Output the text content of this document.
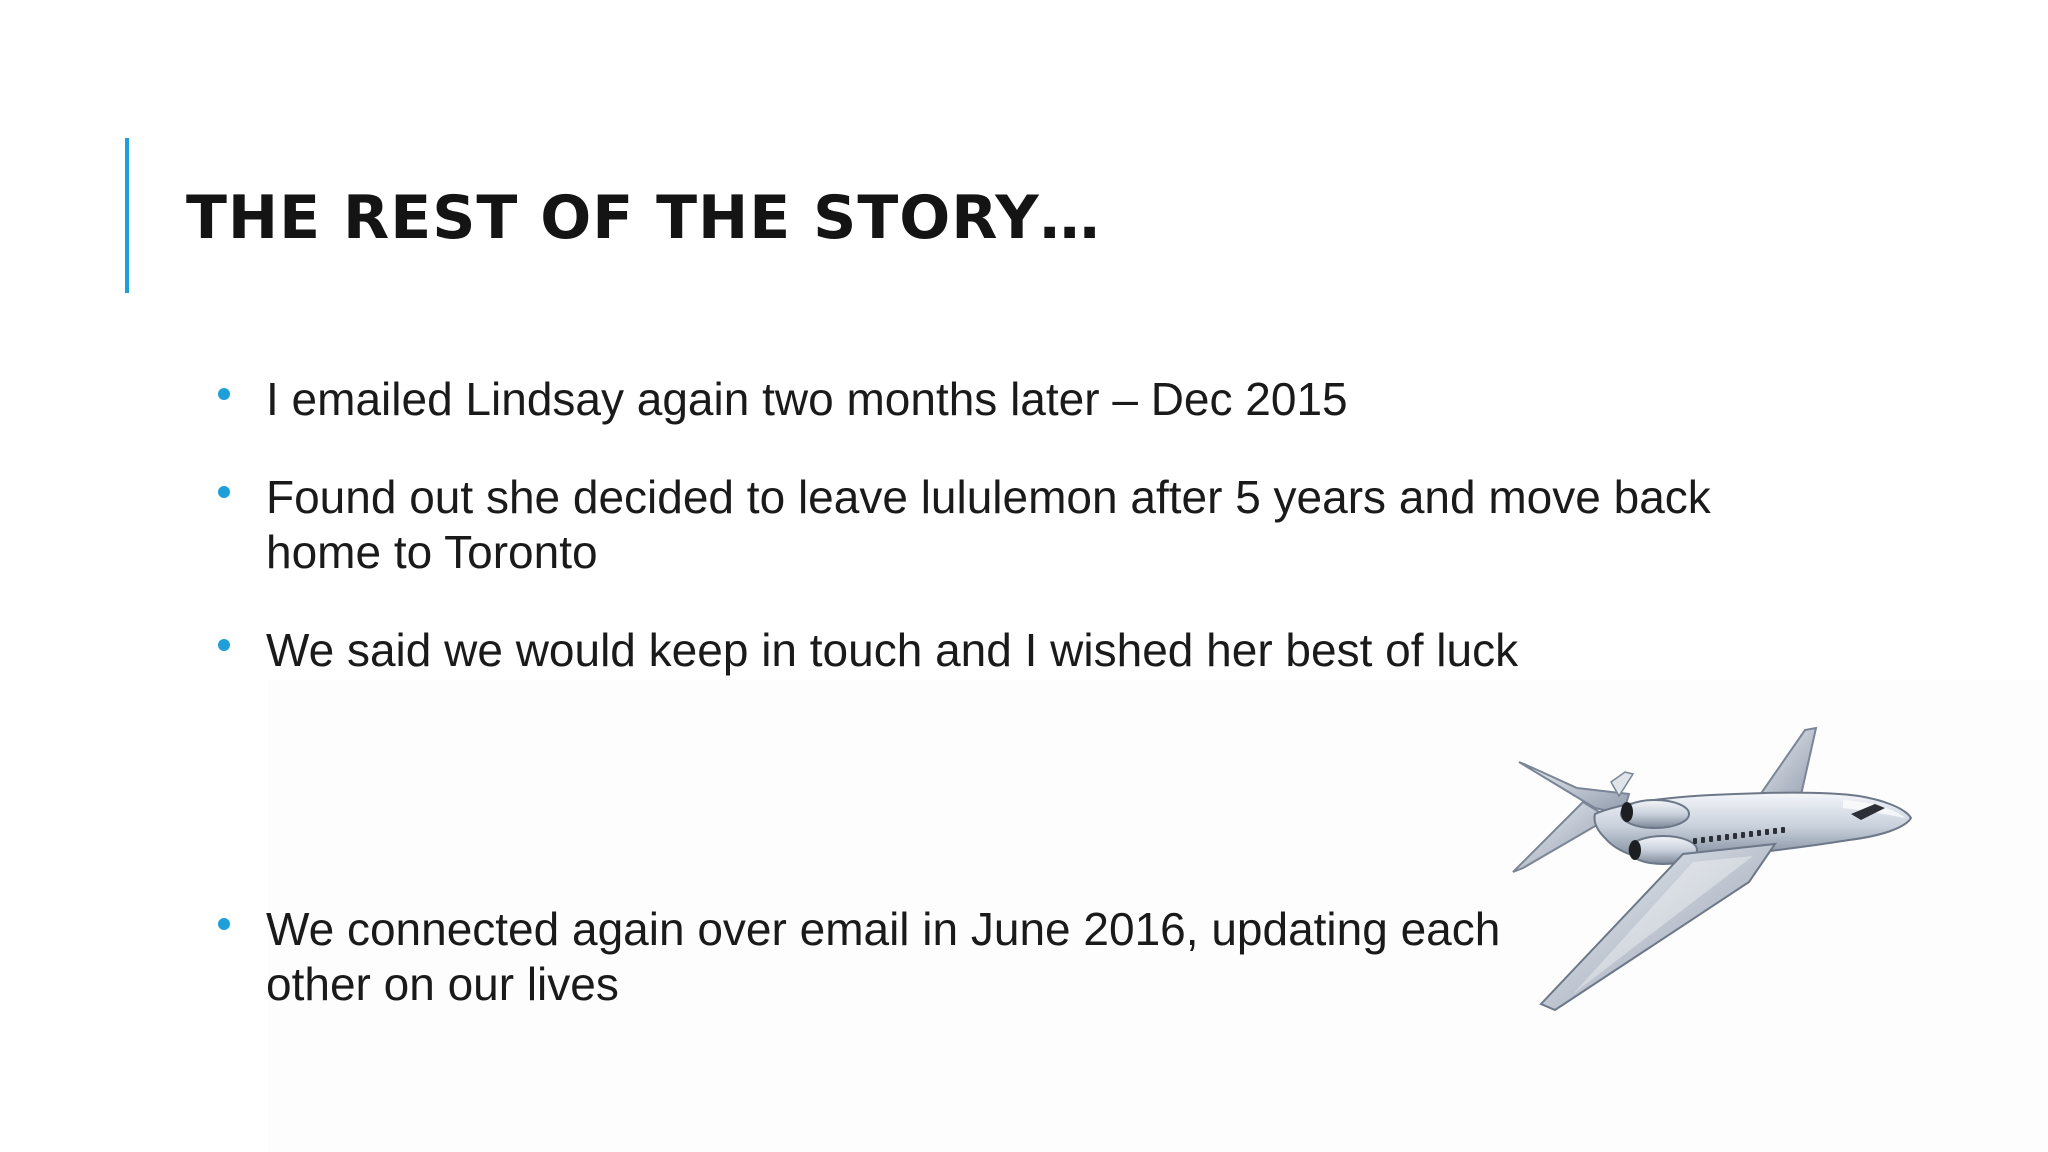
THE REST OF THE STORY…
I emailed Lindsay again two months later – Dec 2015
Found out she decided to leave lululemon after 5 years and move back home to Toronto
We said we would keep in touch and I wished her best of luck
We connected again over email in June 2016, updating each other on our lives
